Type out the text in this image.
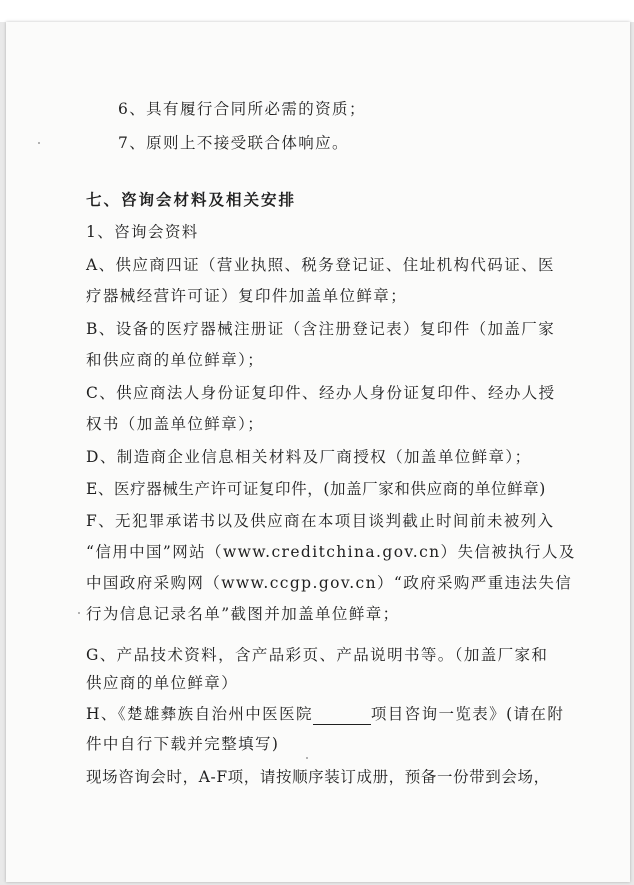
6、具有履行合同所必需的资质；
7、原则上不接受联合体响应。
七、咨询会材料及相关安排
1、咨询会资料
A、供应商四证（营业执照、税务登记证、住址机构代码证、医
疗器械经营许可证）复印件加盖单位鲜章；
B、设备的医疗器械注册证（含注册登记表）复印件（加盖厂家
和供应商的单位鲜章）；
C、供应商法人身份证复印件、经办人身份证复印件、经办人授
权书（加盖单位鲜章）；
D、制造商企业信息相关材料及厂商授权（加盖单位鲜章）；
E、医疗器械生产许可证复印件，(加盖厂家和供应商的单位鲜章)
F、无犯罪承诺书以及供应商在本项目谈判截止时间前未被列入
“信用中国”网站（www.creditchina.gov.cn）失信被执行人及
中国政府采购网（www.ccgp.gov.cn）“政府采购严重违法失信
行为信息记录名单”截图并加盖单位鲜章；
G、产品技术资料，含产品彩页、产品说明书等。（加盖厂家和
供应商的单位鲜章）
H、《楚雄彝族自治州中医医院	项目咨询一览表》(请在附
件中自行下载并完整填写)
现场咨询会时，A-F项，请按顺序装订成册，预备一份带到会场，
